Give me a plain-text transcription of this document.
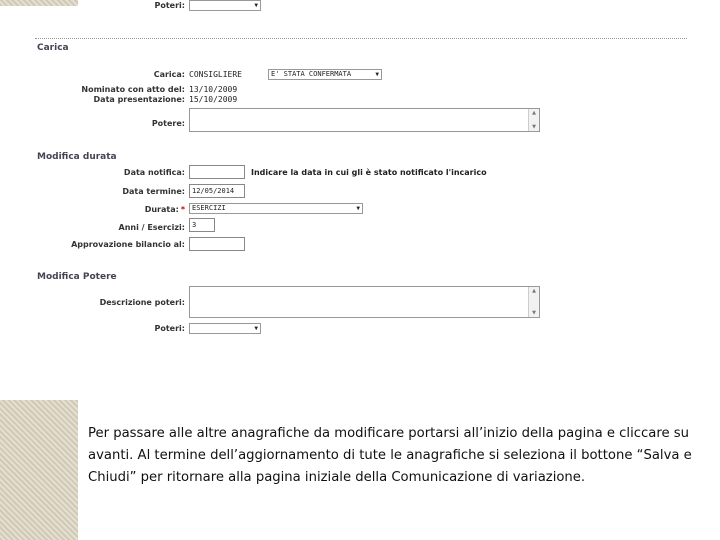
Poteri:	▼
Carica
Carica: CONSIGLIERE	E' STATA CONFERMATA	▼
Nominato con atto del: 13/10/2009
Data presentazione: 15/10/2009
Potere:
▲
▼
Modifica durata
Data notifica:	Indicare la data in cui gli è stato notificato l'incarico
Data termine:	12/05/2014
Durata: *	ESERCIZI	▼
Anni / Esercizi:	3
Approvazione bilancio al:
Modifica Potere
Descrizione poteri:
▲
▼
Poteri:	▼
Per passare alle altre anagrafiche da modificare portarsi all’inizio della pagina e cliccare su avanti. Al termine dell’aggiornamento di tute le anagrafiche si seleziona il bottone “Salva e Chiudi” per ritornare alla pagina iniziale della Comunicazione di variazione.
